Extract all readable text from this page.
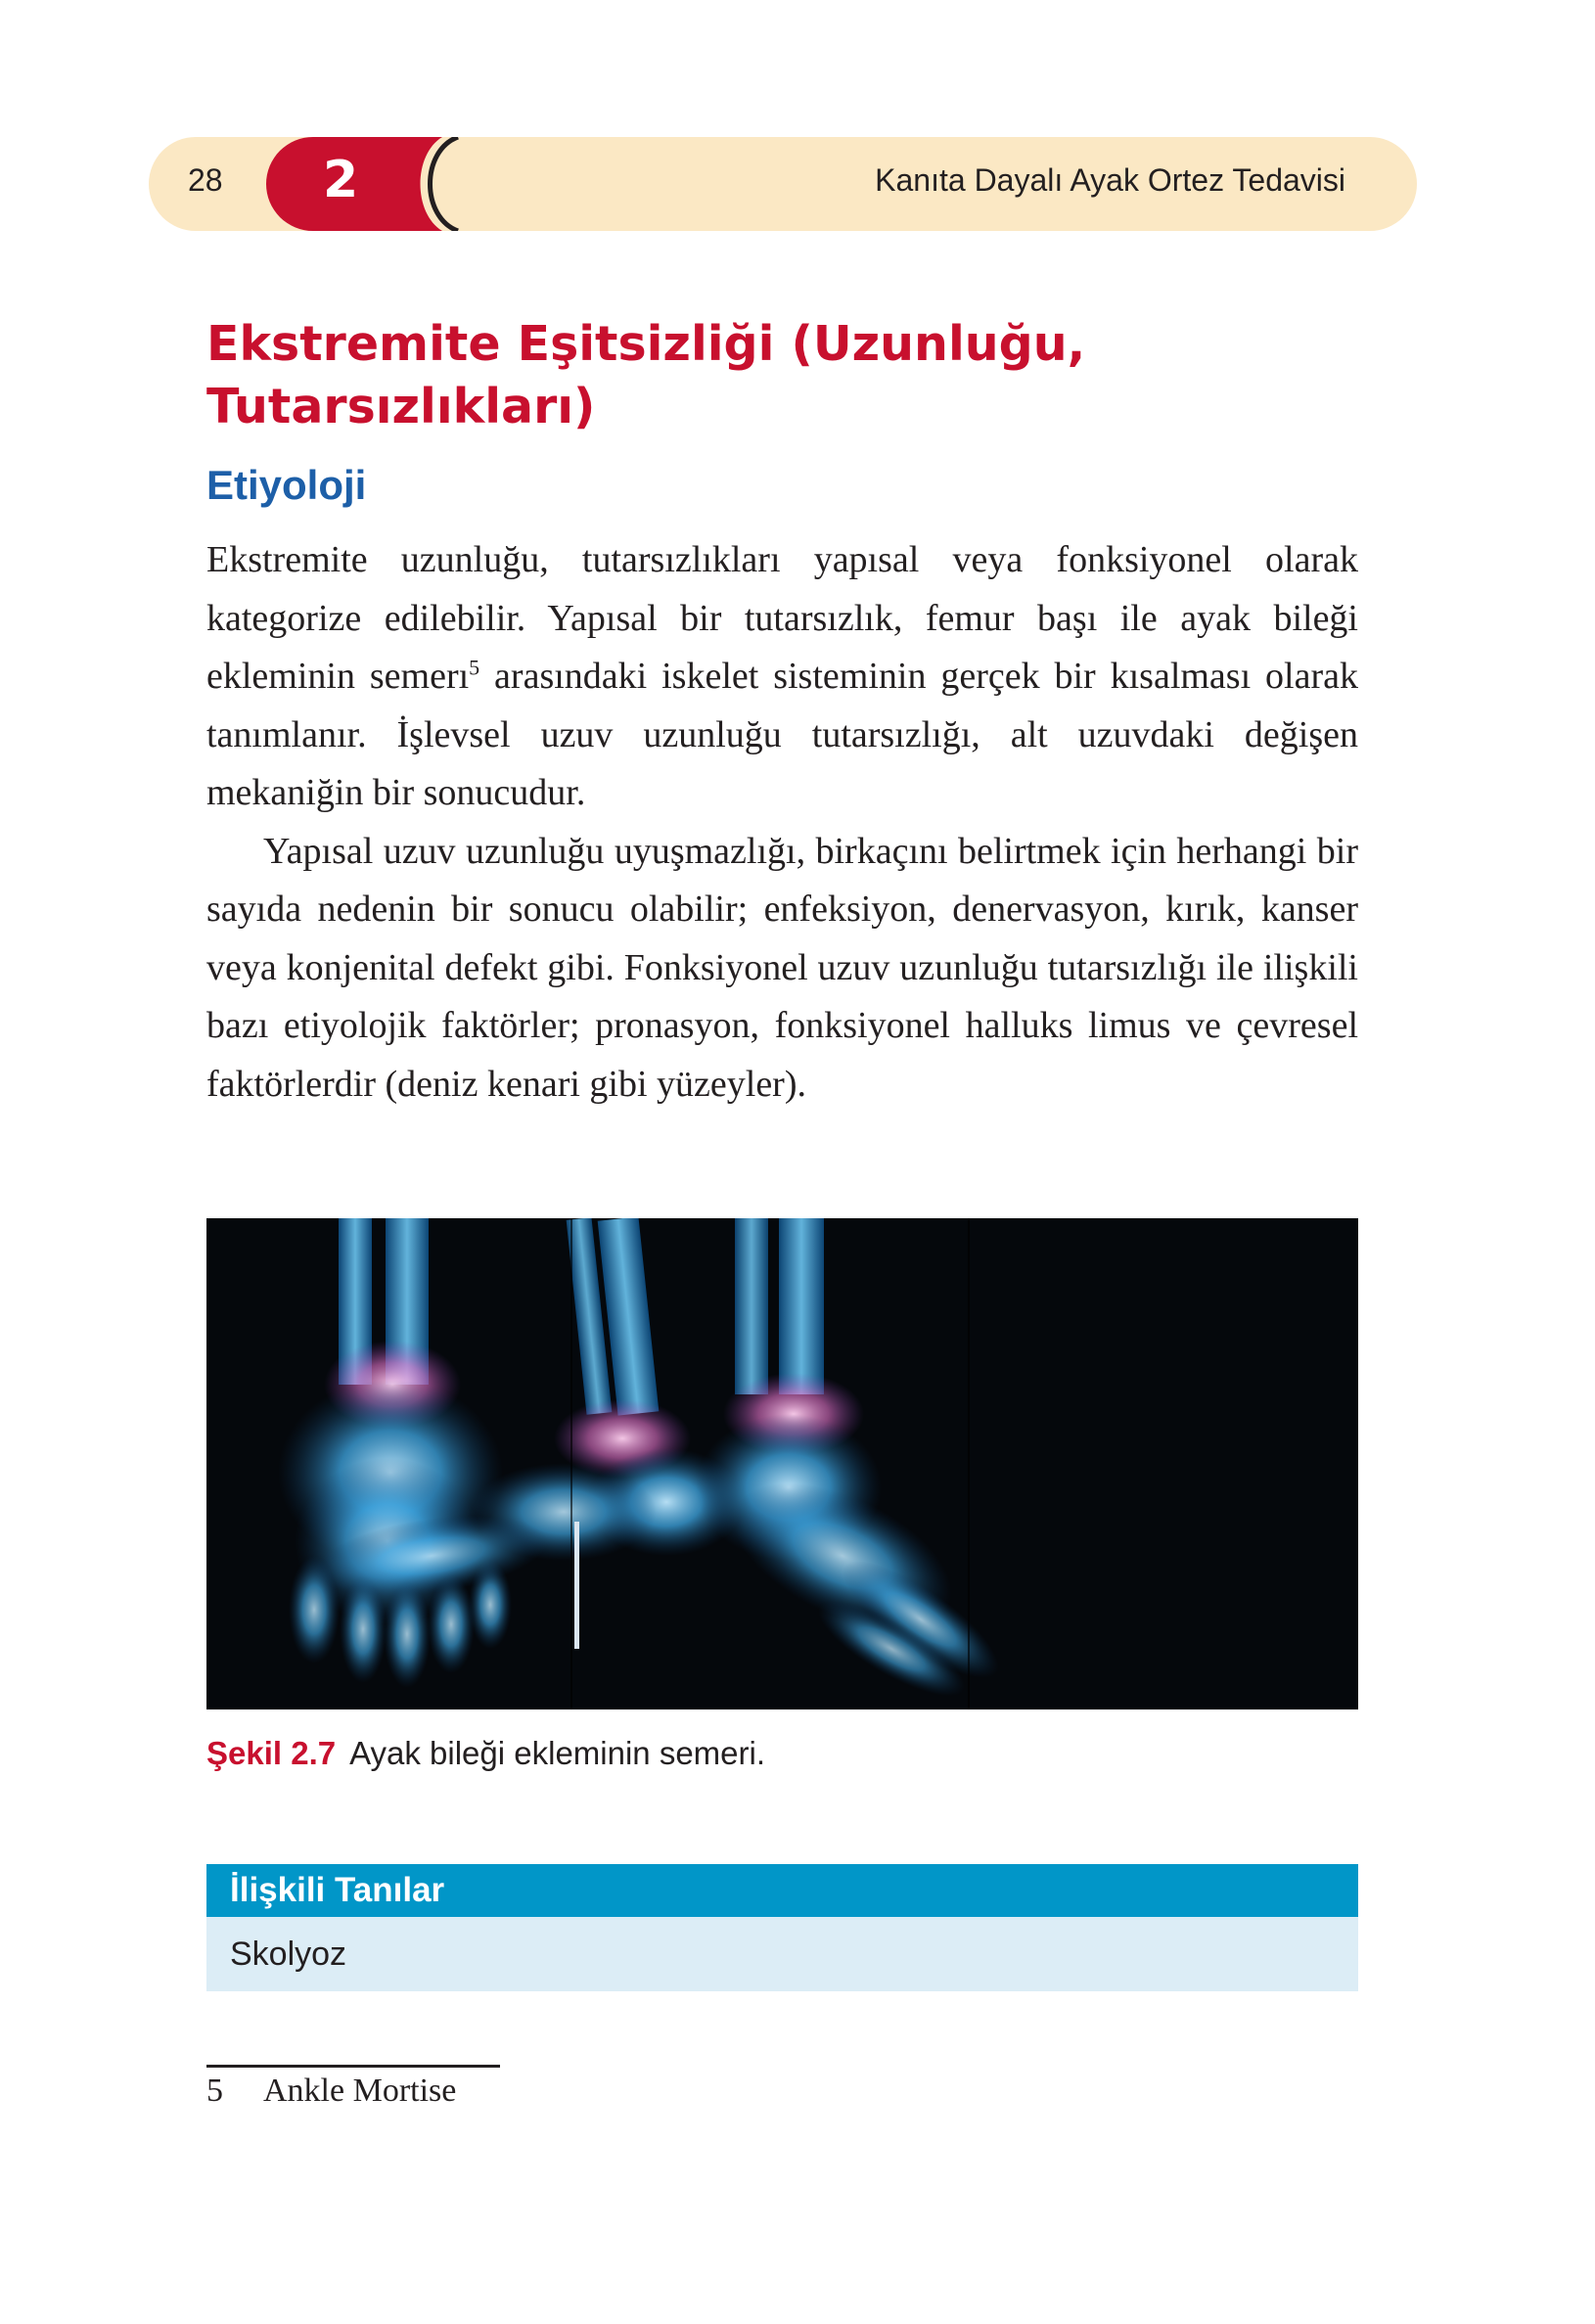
28 2	Kanıta Dayalı Ayak Ortez Tedavisi
Ekstremite Eşitsizliği (Uzunluğu, Tutarsızlıkları)
Etiyoloji

Ekstremite uzunluğu, tutarsızlıkları yapısal veya fonksiyonel olarak kategorize edilebilir. Yapısal bir tutarsızlık, femur başı ile ayak bileği ekleminin semerı$^5$ arasındaki iskelet sisteminin gerçek bir kısalması olarak tanımlanır. İşlevsel uzuv uzunluğu tutarsızlığı, alt uzuvdaki değişen mekaniğin bir sonucudur.

Yapısal uzuv uzunluğu uyuşmazlığı, birkaçını belirtmek için herhangi bir sayıda nedenin bir sonucu olabilir; enfeksiyon, denervasyon, kırık, kanser veya konjenital defekt gibi. Fonksiyonel uzuv uzunluğu tutarsızlığı ile ilişkili bazı etiyolojik faktörler; pronasyon, fonksiyonel halluks limus ve çevresel faktörlerdir (deniz kenari gibi yüzeyler).

Şekil 2.7 Ayak bileği ekleminin semeri.

İlişkili Tanılar
Skolyoz
5 Ankle Mortise
